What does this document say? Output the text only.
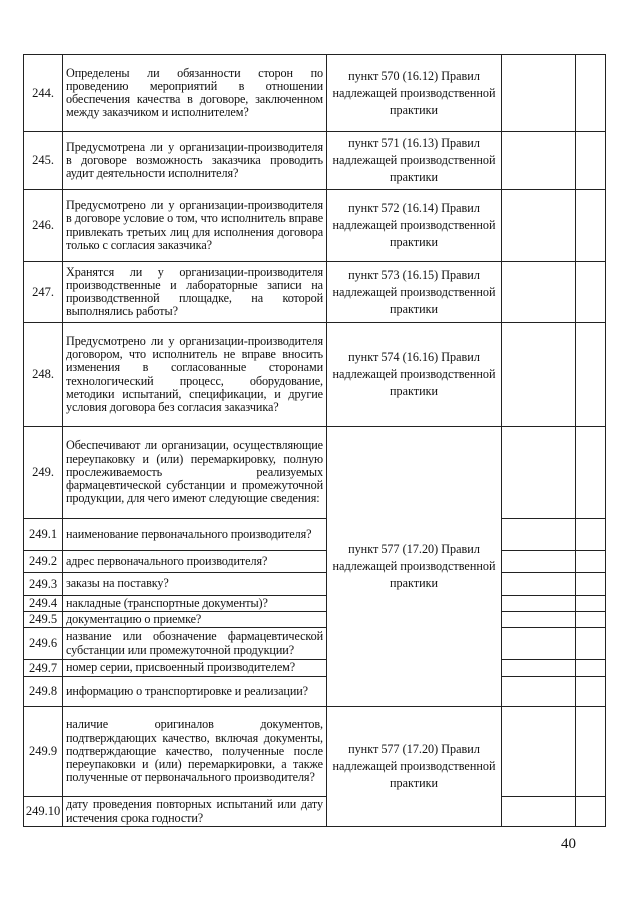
244.	Определены ли обязанности сторон по проведению мероприятий в отношении обеспечения качества в договоре, заключенном между заказчиком и исполнителем?	пункт 570 (16.12) Правил надлежащей производственной практики		
245.	Предусмотрена ли у организации-производителя в договоре возможность заказчика проводить аудит деятельности исполнителя?	пункт 571 (16.13) Правил надлежащей производственной практики		
246.	Предусмотрено ли у организации-производителя в договоре условие о том, что исполнитель вправе привлекать третьих лиц для исполнения договора только с согласия заказчика?	пункт 572 (16.14) Правил надлежащей производственной практики		
247.	Хранятся ли у организации-производителя производственные и лабораторные записи на производственной площадке, на которой выполнялись работы?	пункт 573 (16.15) Правил надлежащей производственной практики		
248.	Предусмотрено ли у организации-производителя договором, что исполнитель не вправе вносить изменения в согласованные сторонами технологический процесс, оборудование, методики испытаний, спецификации, и другие условия договора без согласия заказчика?	пункт 574 (16.16) Правил надлежащей производственной практики		
249.	Обеспечивают ли организации, осуществляющие переупаковку и (или) перемаркировку, полную прослеживаемость реализуемых фармацевтической субстанции и промежуточной продукции, для чего имеют следующие сведения:	пункт 577 (17.20) Правил надлежащей производственной практики		
249.1	наименование первоначального производителя?			
249.2	адрес первоначального производителя?			
249.3	заказы на поставку?			
249.4	накладные (транспортные документы)?			
249.5	документацию о приемке?			
249.6	название или обозначение фармацевтической субстанции или промежуточной продукции?			
249.7	номер серии, присвоенный производителем?			
249.8	информацию о транспортировке и реализации?			
249.9	наличие оригиналов документов, подтверждающих качество, включая документы, подтверждающие качество, полученные после переупаковки и (или) перемаркировки, а также полученные от первоначального производителя?	пункт 577 (17.20) Правил надлежащей производственной практики		
249.10	дату проведения повторных испытаний или дату истечения срока годности?			
40
